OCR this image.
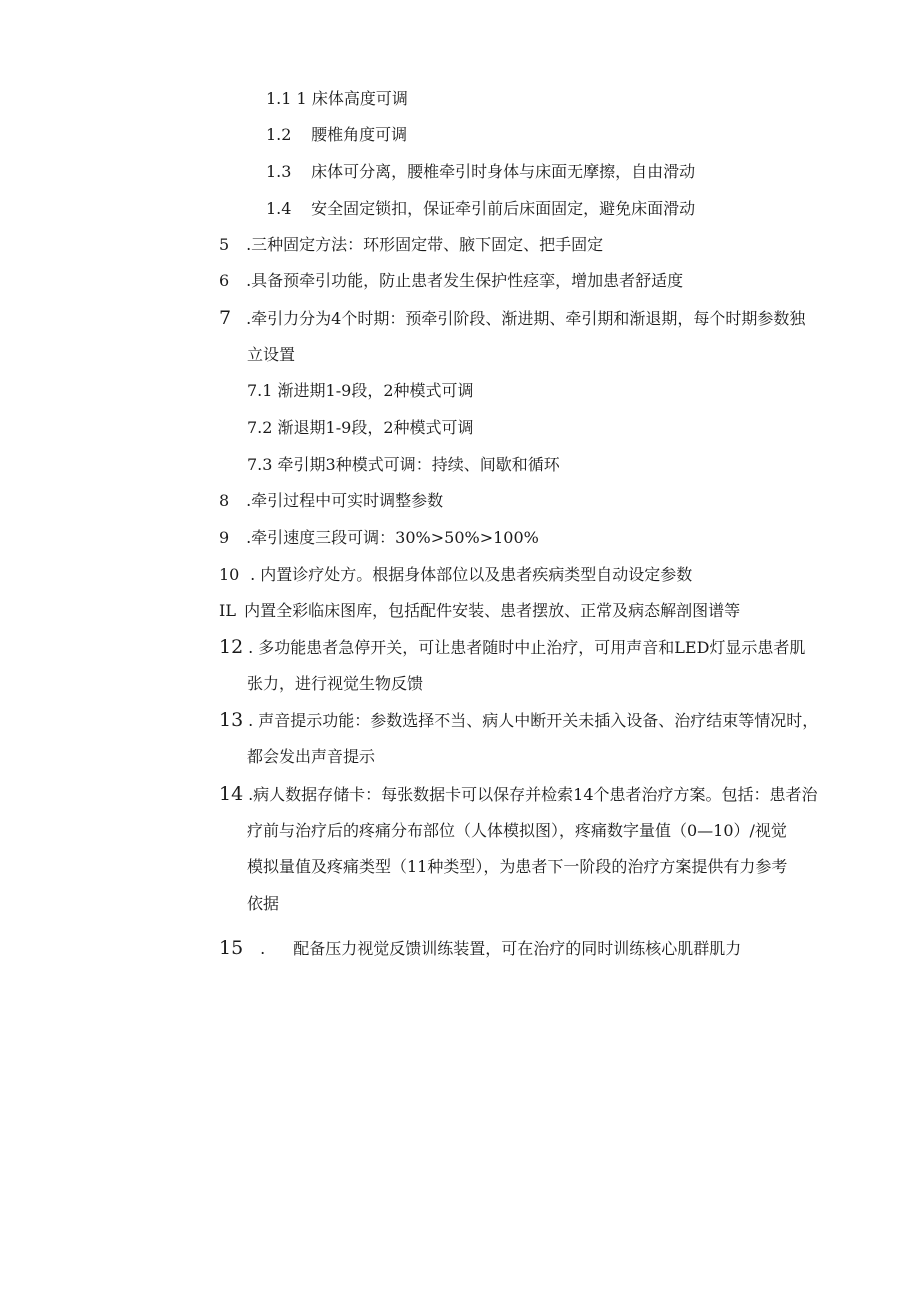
1.1 1 床体高度可调
1.2 腰椎角度可调
1.3 床体可分离，腰椎牵引时身体与床面无摩擦，自由滑动
1.4 安全固定锁扣，保证牵引前后床面固定，避免床面滑动
5 .三种固定方法：环形固定带、腋下固定、把手固定
6 .具备预牵引功能，防止患者发生保护性痉挛，增加患者舒适度
7 .牵引力分为4个时期：预牵引阶段、渐进期、牵引期和渐退期，每个时期参数独
立设置
7.1 渐进期1-9段，2种模式可调
7.2 渐退期1-9段，2种模式可调
7.3 牵引期3种模式可调：持续、间歇和循环
8 .牵引过程中可实时调整参数
9 .牵引速度三段可调：30%>50%>100%
10 . 内置诊疗处方。根据身体部位以及患者疾病类型自动设定参数
IL 内置全彩临床图库，包括配件安装、患者摆放、正常及病态解剖图谱等
12 . 多功能患者急停开关，可让患者随时中止治疗，可用声音和LED灯显示患者肌
张力，进行视觉生物反馈
13 . 声音提示功能：参数选择不当、病人中断开关未插入设备、治疗结束等情况时，
都会发出声音提示
14 .病人数据存储卡：每张数据卡可以保存并检索14个患者治疗方案。包括：患者治
疗前与治疗后的疼痛分布部位（人体模拟图），疼痛数字量值（0—10）/视觉
模拟量值及疼痛类型（11种类型），为患者下一阶段的治疗方案提供有力参考
依据
15 . 配备压力视觉反馈训练装置，可在治疗的同时训练核心肌群肌力
